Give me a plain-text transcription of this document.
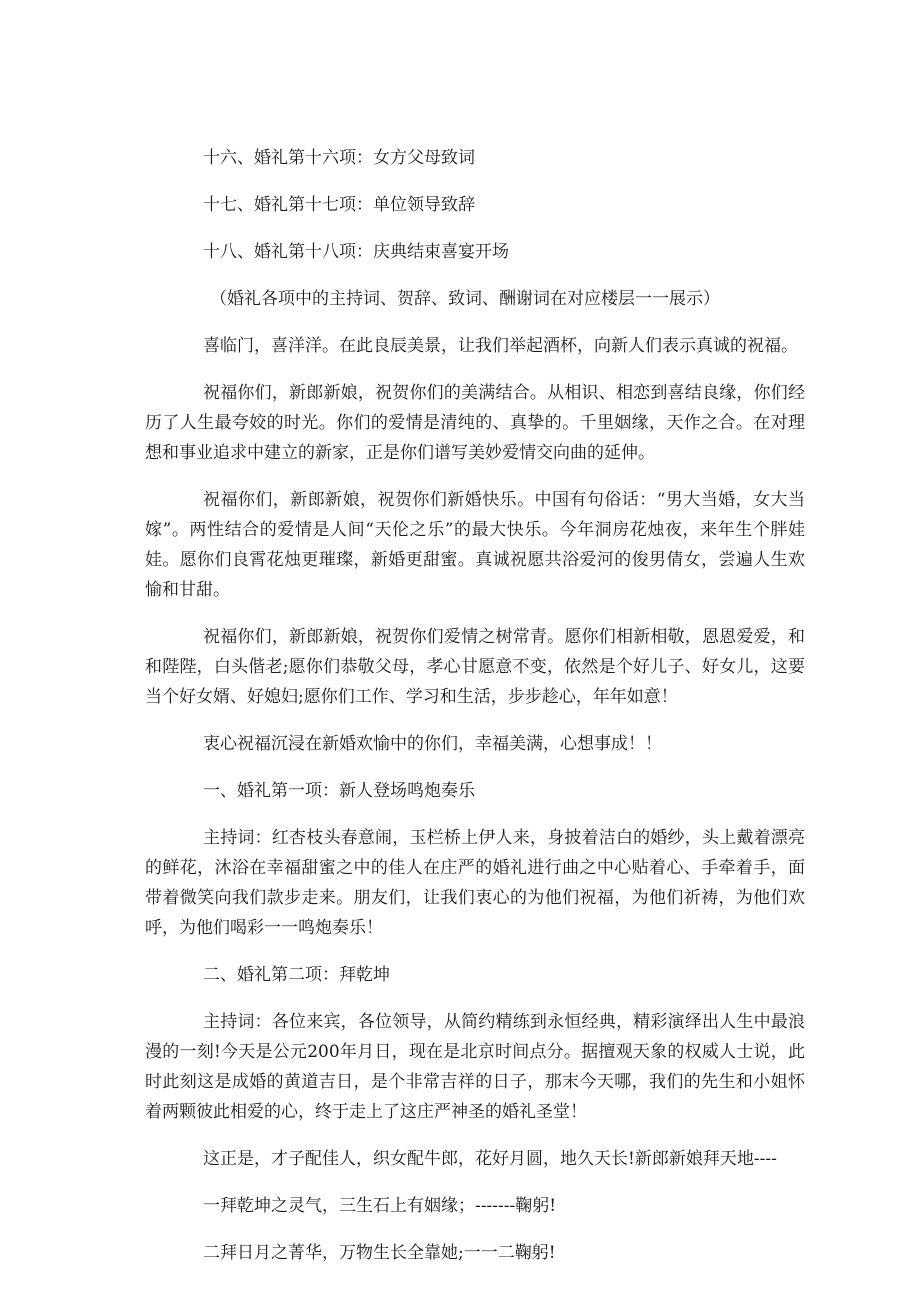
十六、婚礼第十六项：女方父母致词

十七、婚礼第十七项：单位领导致辞

十八、婚礼第十八项：庆典结束喜宴开场

（婚礼各项中的主持词、贺辞、致词、酬谢词在对应楼层一一展示）

喜临门，喜洋洋。在此良辰美景，让我们举起酒杯，向新人们表示真诚的祝福。

祝福你们，新郎新娘，祝贺你们的美满结合。从相识、相恋到喜结良缘，你们经历了人生最夸姣的时光。你们的爱情是清纯的、真挚的。千里姻缘，天作之合。在对理想和事业追求中建立的新家，正是你们谱写美妙爱情交向曲的延伸。

祝福你们，新郎新娘，祝贺你们新婚快乐。中国有句俗话：“男大当婚，女大当嫁”。两性结合的爱情是人间“天伦之乐”的最大快乐。今年洞房花烛夜，来年生个胖娃娃。愿你们良霄花烛更璀璨，新婚更甜蜜。真诚祝愿共浴爱河的俊男倩女，尝遍人生欢愉和甘甜。

祝福你们，新郎新娘，祝贺你们爱情之树常青。愿你们相新相敬，恩恩爱爱，和和陛陛，白头偕老;愿你们恭敬父母，孝心甘愿意不变，依然是个好儿子、好女儿，这要当个好女婿、好媳妇;愿你们工作、学习和生活，步步趁心，年年如意！

衷心祝福沉浸在新婚欢愉中的你们，幸福美满，心想事成！！

一、婚礼第一项：新人登场鸣炮奏乐

主持词：红杏枝头春意闹，玉栏桥上伊人来，身披着洁白的婚纱，头上戴着漂亮的鲜花，沐浴在幸福甜蜜之中的佳人在庄严的婚礼进行曲之中心贴着心、手牵着手，面带着微笑向我们款步走来。朋友们，让我们衷心的为他们祝福，为他们祈祷，为他们欢呼，为他们喝彩一一鸣炮奏乐！

二、婚礼第二项：拜乾坤

主持词：各位来宾，各位领导，从简约精练到永恒经典，精彩演绎出人生中最浪漫的一刻!今天是公元200年月日，现在是北京时间点分。据擅观天象的权威人士说，此时此刻这是成婚的黄道吉日，是个非常吉祥的日子，那末今天哪，我们的先生和小姐怀着两颗彼此相爱的心，终于走上了这庄严神圣的婚礼圣堂！

这正是，才子配佳人，织女配牛郎，花好月圆，地久天长!新郎新娘拜天地----

一拜乾坤之灵气，三生石上有姻缘；-------鞠躬!

二拜日月之菁华，万物生长全靠她;一一二鞠躬!
